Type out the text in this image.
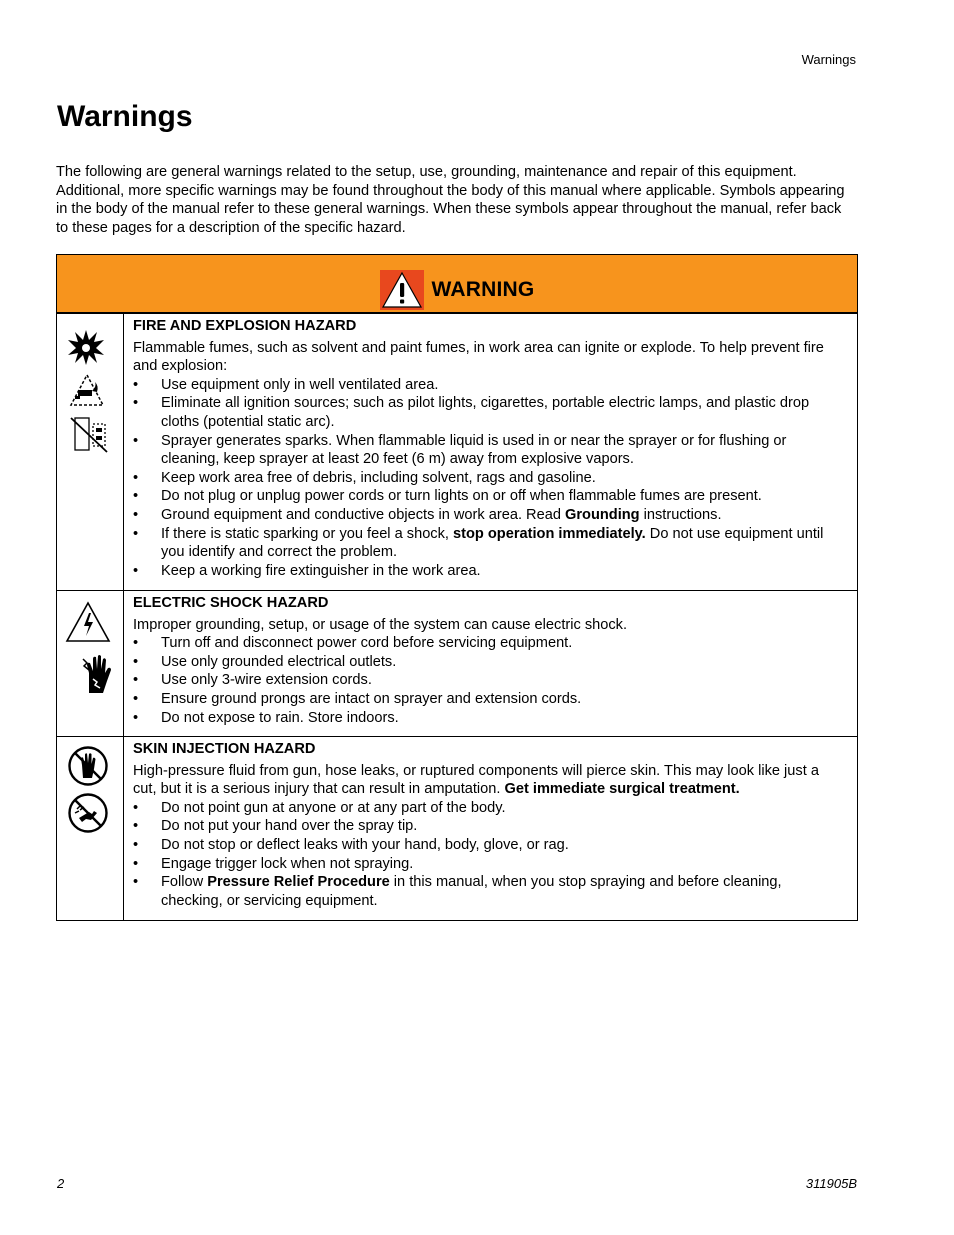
Warnings
Warnings

The following are general warnings related to the setup, use, grounding, maintenance and repair of this equipment. Additional, more specific warnings may be found throughout the body of this manual where applicable. Symbols appearing in the body of the manual refer to these general warnings. When these symbols appear throughout the manual, refer back to these pages for a description of the specific hazard.

WARNING

FIRE AND EXPLOSION HAZARD

Flammable fumes, such as solvent and paint fumes, in work area can ignite or explode. To help prevent fire and explosion:

• Use equipment only in well ventilated area.
• Eliminate all ignition sources; such as pilot lights, cigarettes, portable electric lamps, and plastic drop cloths (potential static arc).
• Sprayer generates sparks. When flammable liquid is used in or near the sprayer or for flushing or cleaning, keep sprayer at least 20 feet (6 m) away from explosive vapors.
• Keep work area free of debris, including solvent, rags and gasoline.
• Do not plug or unplug power cords or turn lights on or off when flammable fumes are present.
• Ground equipment and conductive objects in work area. Read Grounding instructions.
• If there is static sparking or you feel a shock, stop operation immediately. Do not use equipment until you identify and correct the problem.
• Keep a working fire extinguisher in the work area.

ELECTRIC SHOCK HAZARD

Improper grounding, setup, or usage of the system can cause electric shock.

• Turn off and disconnect power cord before servicing equipment.
• Use only grounded electrical outlets.
• Use only 3-wire extension cords.
• Ensure ground prongs are intact on sprayer and extension cords.
• Do not expose to rain. Store indoors.

SKIN INJECTION HAZARD

High-pressure fluid from gun, hose leaks, or ruptured components will pierce skin. This may look like just a cut, but it is a serious injury that can result in amputation. Get immediate surgical treatment.

• Do not point gun at anyone or at any part of the body.
• Do not put your hand over the spray tip.
• Do not stop or deflect leaks with your hand, body, glove, or rag.
• Engage trigger lock when not spraying.
• Follow Pressure Relief Procedure in this manual, when you stop spraying and before cleaning, checking, or servicing equipment.
2	311905B
